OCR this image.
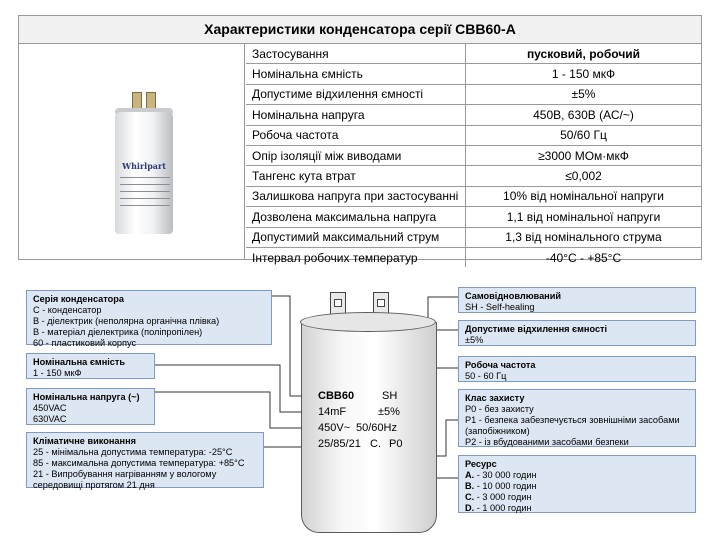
Характеристики конденсатора серії CBB60-A
Whirlpart
Застосування	пусковий, робочий
Номінальна ємність	1 - 150 мкФ
Допустиме відхилення ємності	±5%
Номінальна напруга	450В, 630В (АС/~)
Робоча частота	50/60 Гц
Опір ізоляції між виводами	≥3000 МОм·мкФ
Тангенс кута втрат	≤0,002
Залишкова напруга при застосуванні	10% від номінальної напруги
Дозволена максимальна напруга	1,1 від номінальної напруги
Допустимий максимальний струм	1,3 від номінального струма
Інтервал робочих температур	-40°C - +85°C
CBB60	SH
14mF	±5%
450V~ 50/60Hz
25/85/21 C. P0
Серія конденсатора
С - конденсатор
В - діелектрик (неполярна органічна плівка)
В - матеріал діелектрика (поліпропілен)
60 - пластиковий корпус
Номінальна ємність
1 - 150 мкФ
Номінальна напруга (~)
450VAC
630VAC
Кліматичне виконання
25 - мінімальна допустима температура: -25°C
85 - максимальна допустима температура: +85°C
21 - Випробування нагріванням у вологому
середовищі протягом 21 дня
Самовідновлюваний
SH - Self-healing
Допустиме відхилення ємності
±5%
Робоча частота
50 - 60 Гц
Клас захисту
P0 - без захисту
P1 - безпека забезпечується зовнішніми засобами
(запобіжником)
P2 - із вбудованими засобами безпеки
Ресурс
A. - 30 000 годин
B. - 10 000 годин
C. - 3 000 годин
D. - 1 000 годин
